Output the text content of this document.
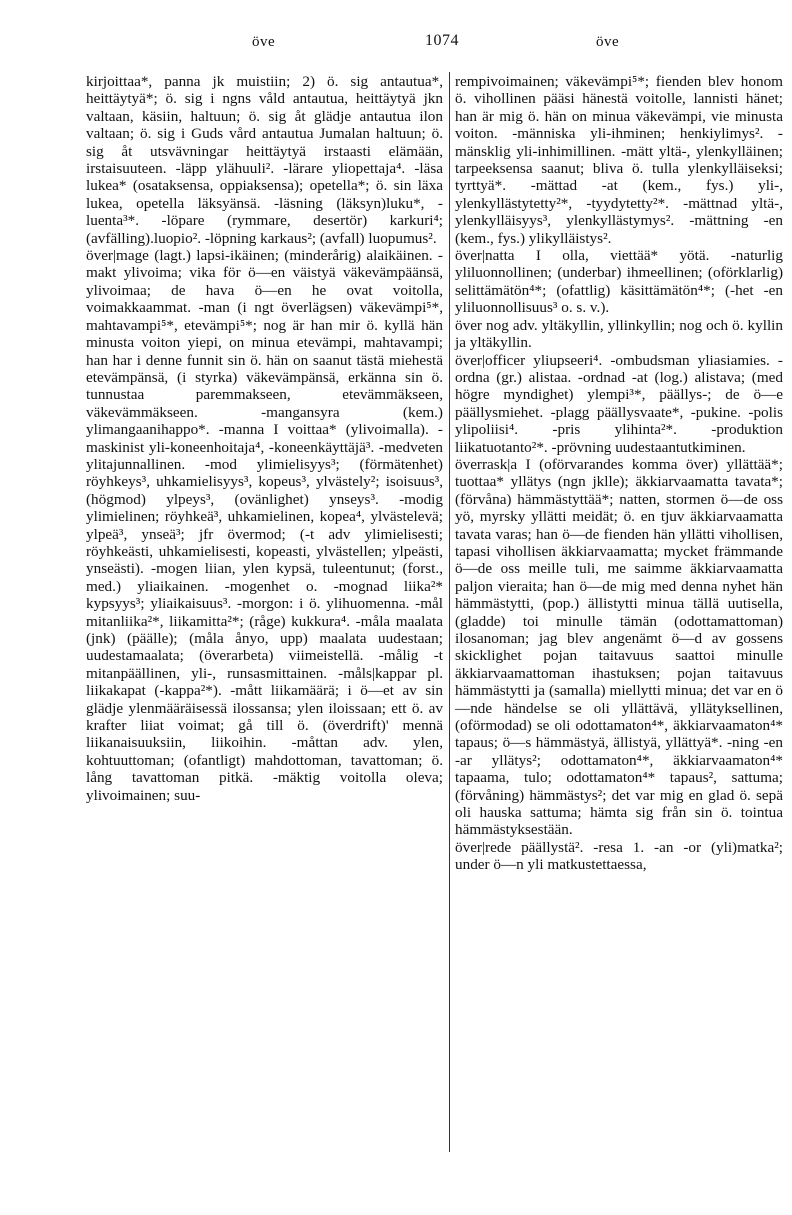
öve	1074	öve

kirjoittaa*, panna jk muistiin; 2) ö. sig antautua*, heittäytyä*; ö. sig i ngns våld antautua, heittäytyä jkn valtaan, käsiin, haltuun; ö. sig åt glädje antautua ilon valtaan; ö. sig i Guds vård antautua Jumalan haltuun; ö. sig åt utsvävningar heittäytyä irstaasti elämään, irstaisuuteen. -läpp ylähuuli². -lärare yliopettaja⁴. -läsa lukea* (osataksensa, oppiaksensa); opetella*; ö. sin läxa lukea, opetella läksyänsä. -läsning (läksyn)luku*, -luenta³*. -löpare (rymmare, desertör) karkuri⁴; (avfälling).luopio². -löpning karkaus²; (avfall) luopumus².

över|mage (lagt.) lapsi-ikäinen; (minderårig) alaikäinen. -makt ylivoima; vika för ö—en väistyä väkevämpäänsä, ylivoimaa; de hava ö—en he ovat voitolla, voimakkaammat. -man (i ngt överlägsen) väkevämpi⁵*, mahtavampi⁵*, etevämpi⁵*; nog är han mir ö. kyllä hän minusta voiton yiepi, on minua etevämpi, mahtavampi; han har i denne funnit sin ö. hän on saanut tästä miehestä etevämpänsä, (i styrka) väkevämpänsä, erkänna sin ö. tunnustaa paremmakseen, etevämmäkseen, väkevämmäkseen. -mangansyra (kem.) ylimangaanihappo*. -manna I voittaa* (ylivoimalla). -maskinist yli-koneenhoitaja⁴, -koneenkäyttäjä³. -medveten ylitajunnallinen. -mod ylimielisyys³; (förmätenhet) röyhkeys³, uhkamielisyys³, kopeus³, ylvästely²; isoisuus³, (högmod) ylpeys³, (ovänlighet) ynseys³. -modig ylimielinen; röyhkeä³, uhkamielinen, kopea⁴, ylvästelevä; ylpeä³, ynseä³; jfr övermod; (-t adv ylimielisesti; röyhkeästi, uhkamielisesti, kopeasti, ylvästellen; ylpeästi, ynseästi). -mogen liian, ylen kypsä, tuleentunut; (forst., med.) yliaikainen. -mogenhet o. -mognad liika²* kypsyys³; yliaikaisuus³. -morgon: i ö. ylihuomenna. -mål mitanliika²*, liikamitta²*; (råge) kukkura⁴. -måla maalata (jnk) (päälle); (måla ånyo, upp) maalata uudestaan; uudestamaalata; (överarbeta) viimeistellä. -målig -t mitanpäällinen, yli-, runsasmittainen. -måls|kappar pl. liikakapat (-kappa²*). -mått liikamäärä; i ö—et av sin glädje ylenmääräisessä ilossansa; ylen iloissaan; ett ö. av krafter liiat voimat; gå till ö. (överdrift)' mennä liikanaisuuksiin, liikoihin. -måttan adv. ylen, kohtuuttoman; (ofantligt) mahdottoman, tavattoman; ö. lång tavattoman pitkä. -mäktig voitolla oleva; ylivoimainen; suu-

rempivoimainen; väkevämpi⁵*; fienden blev honom ö. vihollinen pääsi hänestä voitolle, lannisti hänet; han är mig ö. hän on minua väkevämpi, vie minusta voiton. -människa yli-ihminen; henkiylimys². -mänsklig yli-inhimillinen. -mätt yltä-, ylenkylläinen; tarpeeksensa saanut; bliva ö. tulla ylenkylläiseksi; tyrttyä*. -mättad -at (kem., fys.) yli-, ylenkyllästytetty²*, -tyydytetty²*. -mättnad yltä-, ylenkylläisyys³, ylenkyllästymys². -mättning -en (kem., fys.) ylikylläistys².

över|natta I olla, viettää* yötä. -naturlig yliluonnollinen; (underbar) ihmeellinen; (oförklarlig) selittämätön⁴*; (ofattlig) käsittämätön⁴*; (-het -en yliluonnollisuus³ o. s. v.).

över nog adv. yltäkyllin, yllinkyllin; nog och ö. kyllin ja yltäkyllin.

över|officer yliupseeri⁴. -ombudsman yliasiamies. -ordna (gr.) alistaa. -ordnad -at (log.) alistava; (med högre myndighet) ylempi³*, päällys-; de ö—e päällysmiehet. -plagg päällysvaate*, -pukine. -polis ylipoliisi⁴. -pris ylihinta²*. -produktion liikatuotanto²*. -prövning uudestaantutkiminen.

överrask|a I (oförvarandes komma över) yllättää*; tuottaa* yllätys (ngn jklle); äkkiarvaamatta tavata*; (förvåna) hämmästyttää*; natten, stormen ö—de oss yö, myrsky yllätti meidät; ö. en tjuv äkkiarvaamatta tavata varas; han ö—de fienden hän yllätti vihollisen, tapasi vihollisen äkkiarvaamatta; mycket främmande ö—de oss meille tuli, me saimme äkkiarvaamatta paljon vieraita; han ö—de mig med denna nyhet hän hämmästytti, (pop.) ällistytti minua tällä uutisella, (gladde) toi minulle tämän (odottamattoman) ilosanoman; jag blev angenämt ö—d av gossens skicklighet pojan taitavuus saattoi minulle äkkiarvaamattoman ihastuksen; pojan taitavuus hämmästytti ja (samalla) miellytti minua; det var en ö—nde händelse se oli yllättävä, yllätyksellinen, (oförmodad) se oli odottamaton⁴*, äkkiarvaamaton⁴* tapaus; ö—s hämmästyä, ällistyä, yllättyä*. -ning -en -ar yllätys²; odottamaton⁴*, äkkiarvaamaton⁴* tapaama, tulo; odottamaton⁴* tapaus², sattuma; (förvåning) hämmästys²; det var mig en glad ö. sepä oli hauska sattuma; hämta sig från sin ö. tointua hämmästyksestään.

över|rede päällystä². -resa 1. -an -or (yli)matka²; under ö—n yli matkustettaessa,
